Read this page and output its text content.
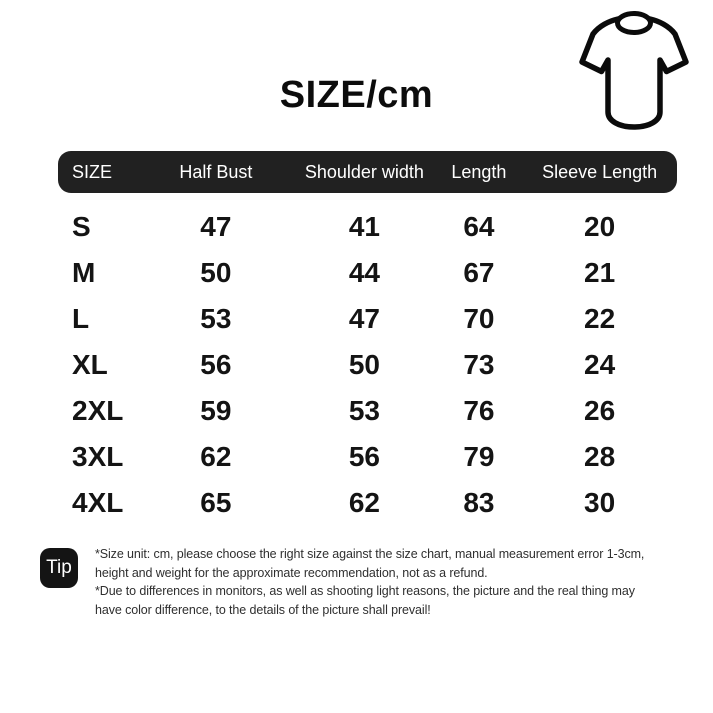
SIZE/cm
SIZE	Half Bust	Shoulder width	Length	Sleeve Length
S	47	41	64	20
M	50	44	67	21
L	53	47	70	22
XL	56	50	73	24
2XL	59	53	76	26
3XL	62	56	79	28
4XL	65	62	83	30
Tip
*Size unit: cm, please choose the right size against the size chart, manual measurement error 1-3cm,
height and weight for the approximate recommendation, not as a refund.
*Due to differences in monitors, as well as shooting light reasons, the picture and the real thing may
have color difference, to the details of the picture shall prevail!
